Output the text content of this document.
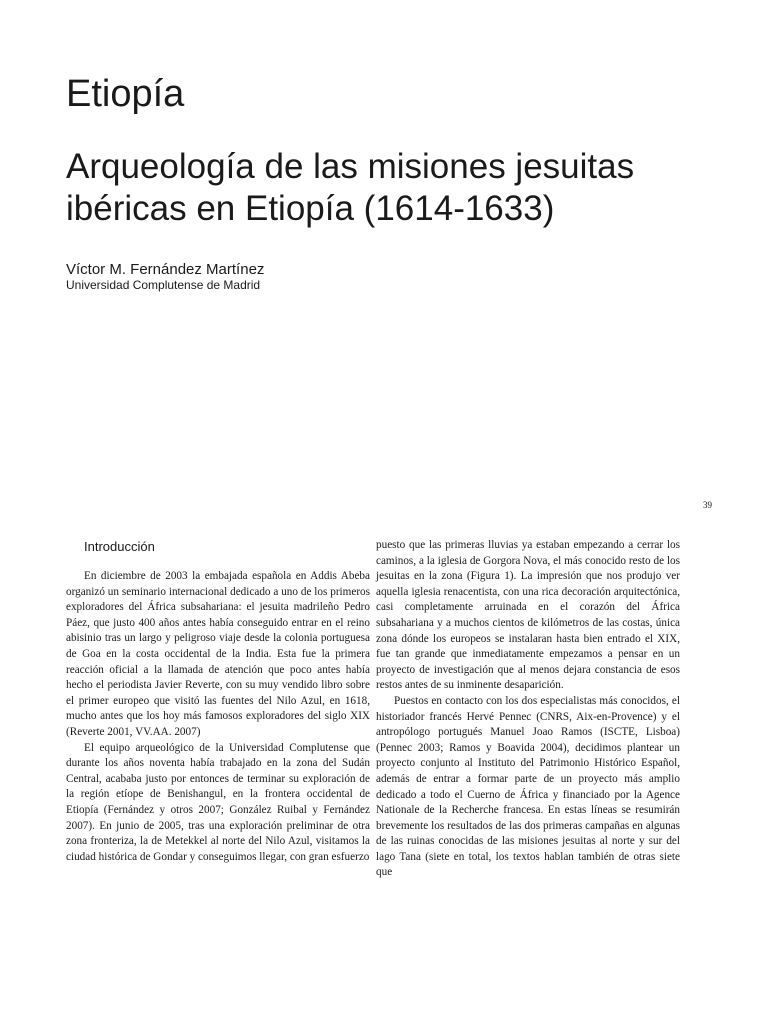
Etiopía
Arqueología de las misiones jesuitas ibéricas en Etiopía (1614-1633)
Víctor M. Fernández Martínez
Universidad Complutense de Madrid
39
Introducción

En diciembre de 2003 la embajada española en Addis Abeba organizó un seminario internacional dedicado a uno de los primeros exploradores del África subsahariana: el jesuita madrileño Pedro Páez, que justo 400 años antes había conseguido entrar en el reino abisinio tras un largo y peligroso viaje desde la colonia portuguesa de Goa en la costa occidental de la India. Esta fue la primera reacción oficial a la llamada de atención que poco antes había hecho el periodista Javier Reverte, con su muy vendido libro sobre el primer europeo que visitó las fuentes del Nilo Azul, en 1618, mucho antes que los hoy más famosos exploradores del siglo XIX (Reverte 2001, VV.AA. 2007)

El equipo arqueológico de la Universidad Complutense que durante los años noventa había trabajado en la zona del Sudán Central, acababa justo por entonces de terminar su exploración de la región etíope de Benishangul, en la frontera occidental de Etiopía (Fernández y otros 2007; González Ruibal y Fernández 2007). En junio de 2005, tras una exploración preliminar de otra zona fronteriza, la de Metekkel al norte del Nilo Azul, visitamos la ciudad histórica de Gondar y conseguimos llegar, con gran esfuerzo

puesto que las primeras lluvias ya estaban empezando a cerrar los caminos, a la iglesia de Gorgora Nova, el más conocido resto de los jesuitas en la zona (Figura 1). La impresión que nos produjo ver aquella iglesia renacentista, con una rica decoración arquitectónica, casi completamente arruinada en el corazón del África subsahariana y a muchos cientos de kilómetros de las costas, única zona dónde los europeos se instalaran hasta bien entrado el XIX, fue tan grande que inmediatamente empezamos a pensar en un proyecto de investigación que al menos dejara constancia de esos restos antes de su inminente desaparición.

Puestos en contacto con los dos especialistas más conocidos, el historiador francés Hervé Pennec (CNRS, Aix-en-Provence) y el antropólogo portugués Manuel Joao Ramos (ISCTE, Lisboa) (Pennec 2003; Ramos y Boavida 2004), decidimos plantear un proyecto conjunto al Instituto del Patrimonio Histórico Español, además de entrar a formar parte de un proyecto más amplio dedicado a todo el Cuerno de África y financiado por la Agence Nationale de la Recherche francesa. En estas líneas se resumirán brevemente los resultados de las dos primeras campañas en algunas de las ruinas conocidas de las misiones jesuitas al norte y sur del lago Tana (siete en total, los textos hablan también de otras siete que
